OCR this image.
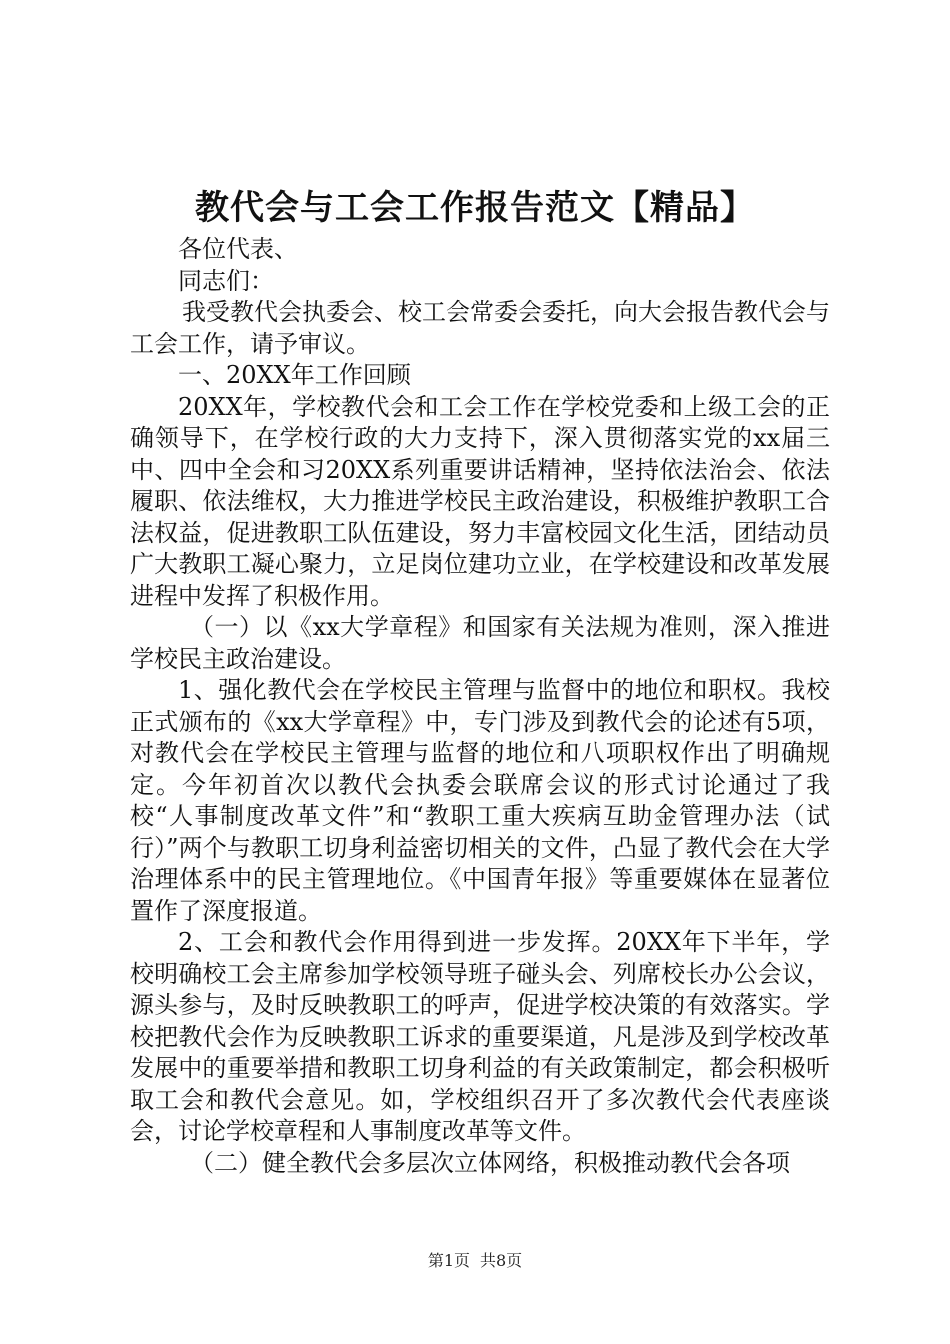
教代会与工会工作报告范文【精品】

各位代表、

同志们：

我受教代会执委会、校工会常委会委托，向大会报告教代会与工会工作，请予审议。

一、20XX年工作回顾

20XX年，学校教代会和工会工作在学校党委和上级工会的正确领导下，在学校行政的大力支持下，深入贯彻落实党的xx届三中、四中全会和习20XX系列重要讲话精神，坚持依法治会、依法履职、依法维权，大力推进学校民主政治建设，积极维护教职工合法权益，促进教职工队伍建设，努力丰富校园文化生活，团结动员广大教职工凝心聚力，立足岗位建功立业，在学校建设和改革发展进程中发挥了积极作用。

（一）以《xx大学章程》和国家有关法规为准则，深入推进学校民主政治建设。

1、强化教代会在学校民主管理与监督中的地位和职权。我校正式颁布的《xx大学章程》中，专门涉及到教代会的论述有5项，对教代会在学校民主管理与监督的地位和八项职权作出了明确规定。今年初首次以教代会执委会联席会议的形式讨论通过了我校“人事制度改革文件”和“教职工重大疾病互助金管理办法（试行）”两个与教职工切身利益密切相关的文件，凸显了教代会在大学治理体系中的民主管理地位。《中国青年报》等重要媒体在显著位置作了深度报道。

2、工会和教代会作用得到进一步发挥。20XX年下半年，学校明确校工会主席参加学校领导班子碰头会、列席校长办公会议，源头参与，及时反映教职工的呼声，促进学校决策的有效落实。学校把教代会作为反映教职工诉求的重要渠道，凡是涉及到学校改革发展中的重要举措和教职工切身利益的有关政策制定，都会积极听取工会和教代会意见。如，学校组织召开了多次教代会代表座谈会，讨论学校章程和人事制度改革等文件。

（二）健全教代会多层次立体网络，积极推动教代会各项

第1页 共8页
